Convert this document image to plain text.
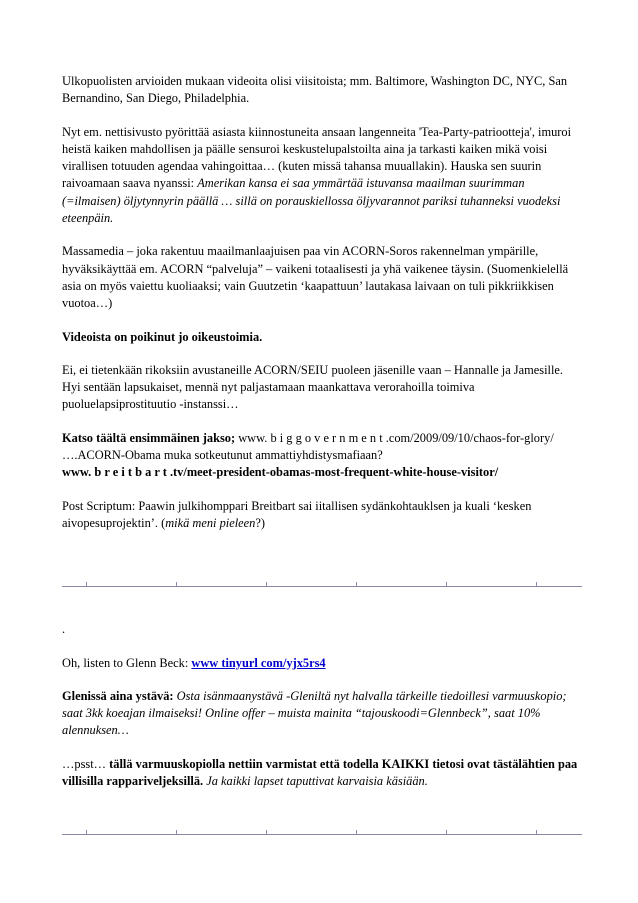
Ulkopuolisten arvioiden mukaan videoita olisi viisitoista; mm. Baltimore, Washington DC, NYC, San Bernandino, San Diego, Philadelphia.

Nyt em. nettisivusto pyörittää asiasta kiinnostuneita ansaan langenneita 'Tea-Party-patriootteja', imuroi heistä kaiken mahdollisen ja päälle sensuroi keskustelupalstoilta aina ja tarkasti kaiken mikä voisi virallisen totuuden agendaa vahingoittaa… (kuten missä tahansa muuallakin). Hauska sen suurin raivoamaan saava nyanssi: Amerikan kansa ei saa ymmärtää istuvansa maailman suurimman (=ilmaisen) öljytynnyrin päällä … sillä on porauskiellossa öljyvarannot pariksi tuhanneksi vuodeksi eteenpäin.

Massamedia – joka rakentuu maailmanlaajuisen paa vin ACORN-Soros rakennelman ympärille, hyväksikäyttää em. ACORN “palveluja” – vaikeni totaalisesti ja yhä vaikenee täysin. (Suomenkielellä asia on myös vaiettu kuoliaaksi; vain Guutzetin ‘kaapattuun’ lautakasa laivaan on tuli pikkriikkisen vuotoa…)

Videoista on poikinut jo oikeustoimia.

Ei, ei tietenkään rikoksiin avustaneille ACORN/SEIU puoleen jäsenille vaan – Hannalle ja Jamesille. Hyi sentään lapsukaiset, mennä nyt paljastamaan maankattava verorahoilla toimiva puoluelapsiprostituutio -instanssi…

Katso täältä ensimmäinen jakso; www. b i g g o v e r n m e n t .com/2009/09/10/chaos-for-glory/ ….ACORN-Obama muka sotkeutunut ammattiyhdistysmafiaan?
www. b r e i t b a r t .tv/meet-president-obamas-most-frequent-white-house-visitor/

Post Scriptum: Paawin julkihomppari Breitbart sai iitallisen sydänkohtauklsen ja kuali ‘kesken aivopesuprojektin’. (mikä meni pieleen?)

.

Oh, listen to Glenn Beck: www tinyurl com/yjx5rs4

Glenissä aina ystävä: Osta isänmaanystävä -Gleniltä nyt halvalla tärkeille tiedoillesi varmuuskopio; saat 3kk koeajan ilmaiseksi! Online offer – muista mainita “tajouskoodi=Glennbeck”, saat 10% alennuksen…

…psst… tällä varmuuskopiolla nettiin varmistat että todella KAIKKI tietosi ovat tästälähtien paa villisilla rappariveljeksillä. Ja kaikki lapset taputtivat karvaisia käsiään.
